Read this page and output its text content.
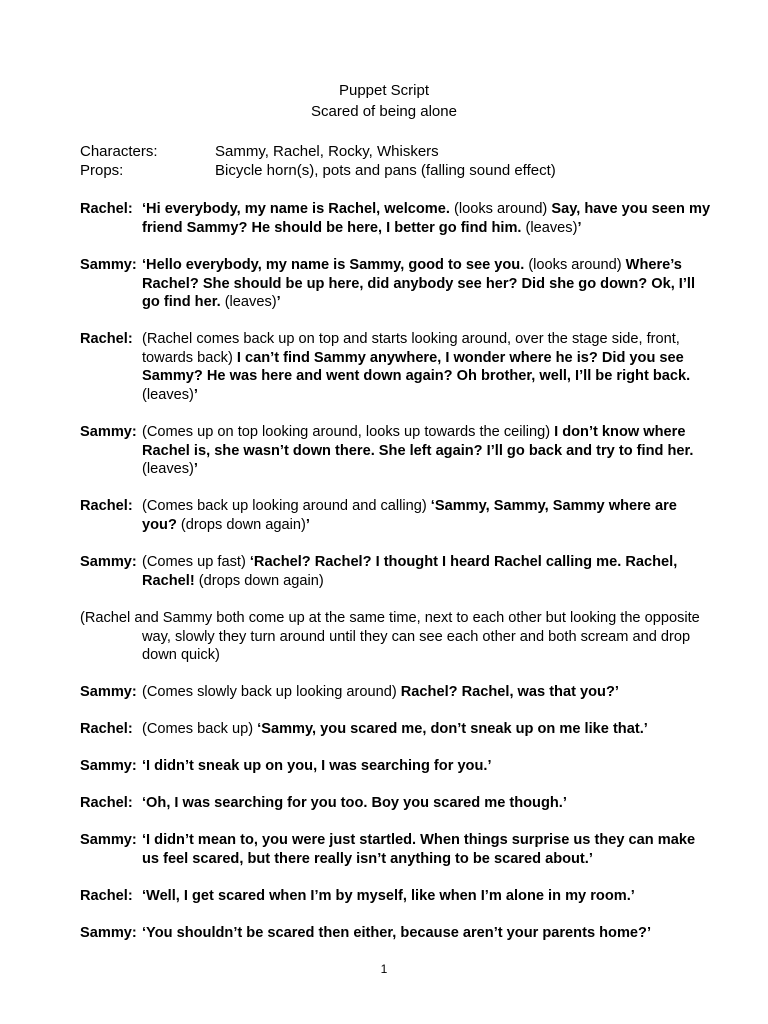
Puppet Script
Scared of being alone
Characters:	Sammy, Rachel, Rocky, Whiskers
Props:	Bicycle horn(s), pots and pans (falling sound effect)
Rachel: ‘Hi everybody, my name is Rachel, welcome. (looks around) Say, have you seen my friend Sammy? He should be here, I better go find him. (leaves)’
Sammy: ‘Hello everybody, my name is Sammy, good to see you. (looks around) Where’s Rachel? She should be up here, did anybody see her? Did she go down? Ok, I’ll go find her. (leaves)’
Rachel: (Rachel comes back up on top and starts looking around, over the stage side, front, towards back) I can’t find Sammy anywhere, I wonder where he is? Did you see Sammy? He was here and went down again? Oh brother, well, I’ll be right back. (leaves)’
Sammy: (Comes up on top looking around, looks up towards the ceiling) I don’t know where Rachel is, she wasn’t down there. She left again? I’ll go back and try to find her. (leaves)’
Rachel: (Comes back up looking around and calling) ‘Sammy, Sammy, Sammy where are you? (drops down again)’
Sammy: (Comes up fast) ‘Rachel? Rachel? I thought I heard Rachel calling me. Rachel, Rachel! (drops down again)
(Rachel and Sammy both come up at the same time, next to each other but looking the opposite way, slowly they turn around until they can see each other and both scream and drop down quick)
Sammy: (Comes slowly back up looking around) Rachel? Rachel, was that you?’
Rachel: (Comes back up) ‘Sammy, you scared me, don’t sneak up on me like that.’
Sammy: ‘I didn’t sneak up on you, I was searching for you.’
Rachel: ‘Oh, I was searching for you too. Boy you scared me though.’
Sammy: ‘I didn’t mean to, you were just startled. When things surprise us they can make us feel scared, but there really isn’t anything to be scared about.’
Rachel: ‘Well, I get scared when I’m by myself, like when I’m alone in my room.’
Sammy: ‘You shouldn’t be scared then either, because aren’t your parents home?’
1
